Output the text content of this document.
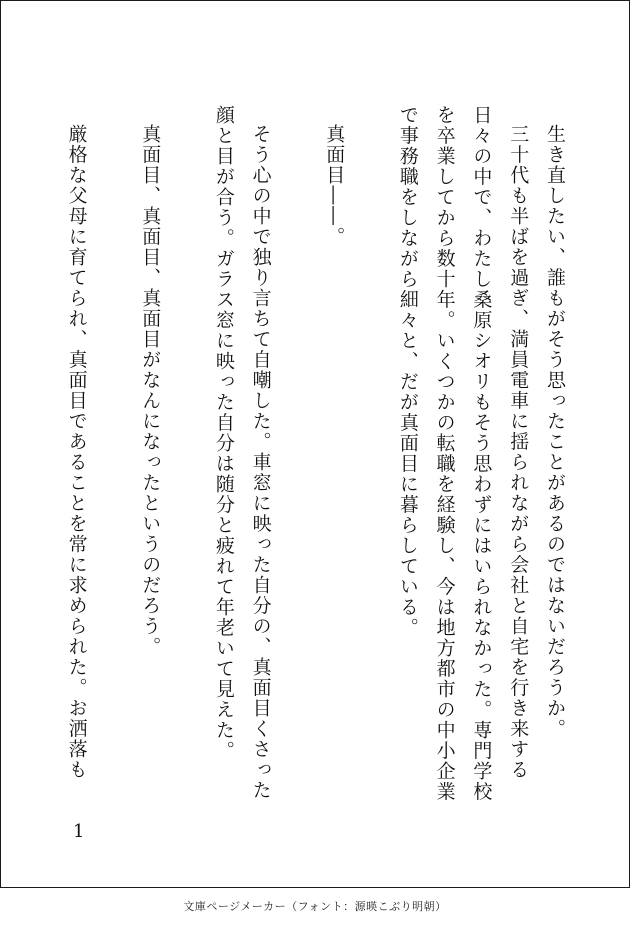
生き直したい、誰もがそう思ったことがあるのではないだろうか。

三十代も半ばを過ぎ、満員電車に揺られながら会社と自宅を行き来する日々の中で、わたし桑原シオリもそう思わずにはいられなかった。専門学校を卒業してから数十年。いくつかの転職を経験し、今は地方都市の中小企業で事務職をしながら細々と、だが真面目に暮らしている。

真面目――。

そう心の中で独り言ちて自嘲した。車窓に映った自分の、真面目くさった顔と目が合う。ガラス窓に映った自分は随分と疲れて年老いて見えた。

真面目、真面目、真面目がなんになったというのだろう。

厳格な父母に育てられ、真面目であることを常に求められた。お洒落も

1
文庫ページメーカー（フォント：源暎こぶり明朝）
